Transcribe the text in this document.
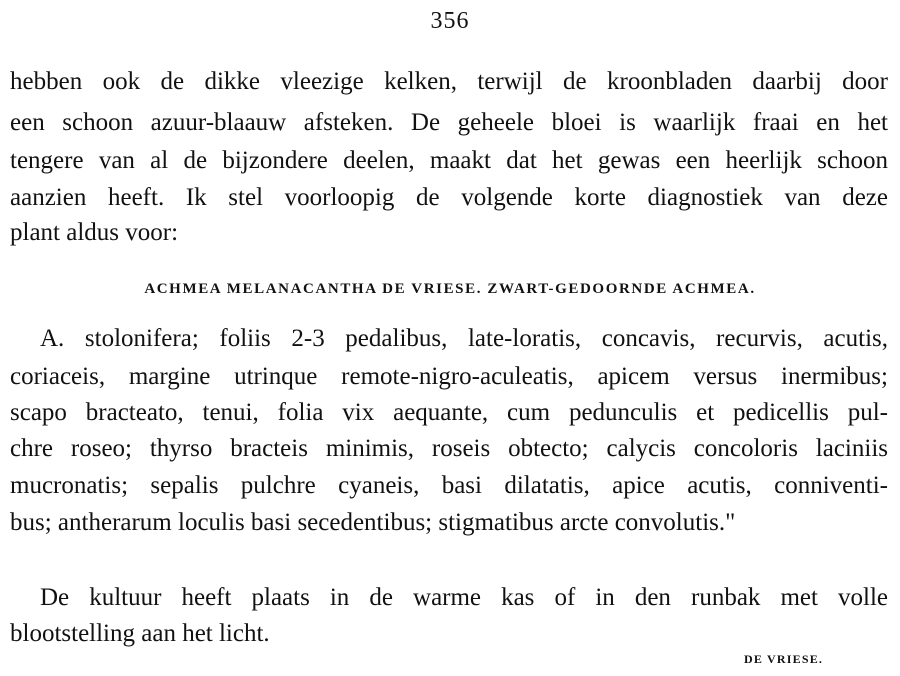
356
hebben ook de dikke vleezige kelken, terwijl de kroonbladen daarbij door
een schoon azuur-blaauw afsteken. De geheele bloei is waarlijk fraai en het
tengere van al de bijzondere deelen, maakt dat het gewas een heerlijk schoon
aanzien heeft. Ik stel voorloopig de volgende korte diagnostiek van deze
plant aldus voor:
ACHMEA MELANACANTHA DE VRIESE. ZWART-GEDOORNDE ACHMEA.
A. stolonifera; foliis 2-3 pedalibus, late-loratis, concavis, recurvis, acutis,
coriaceis, margine utrinque remote-nigro-aculeatis, apicem versus inermibus;
scapo bracteato, tenui, folia vix aequante, cum pedunculis et pedicellis pul-
chre roseo; thyrso bracteis minimis, roseis obtecto; calycis concoloris laciniis
mucronatis; sepalis pulchre cyaneis, basi dilatatis, apice acutis, conniventi-
bus; antherarum loculis basi secedentibus; stigmatibus arcte convolutis."
De kultuur heeft plaats in de warme kas of in den runbak met volle
blootstelling aan het licht.
DE VRIESE.
